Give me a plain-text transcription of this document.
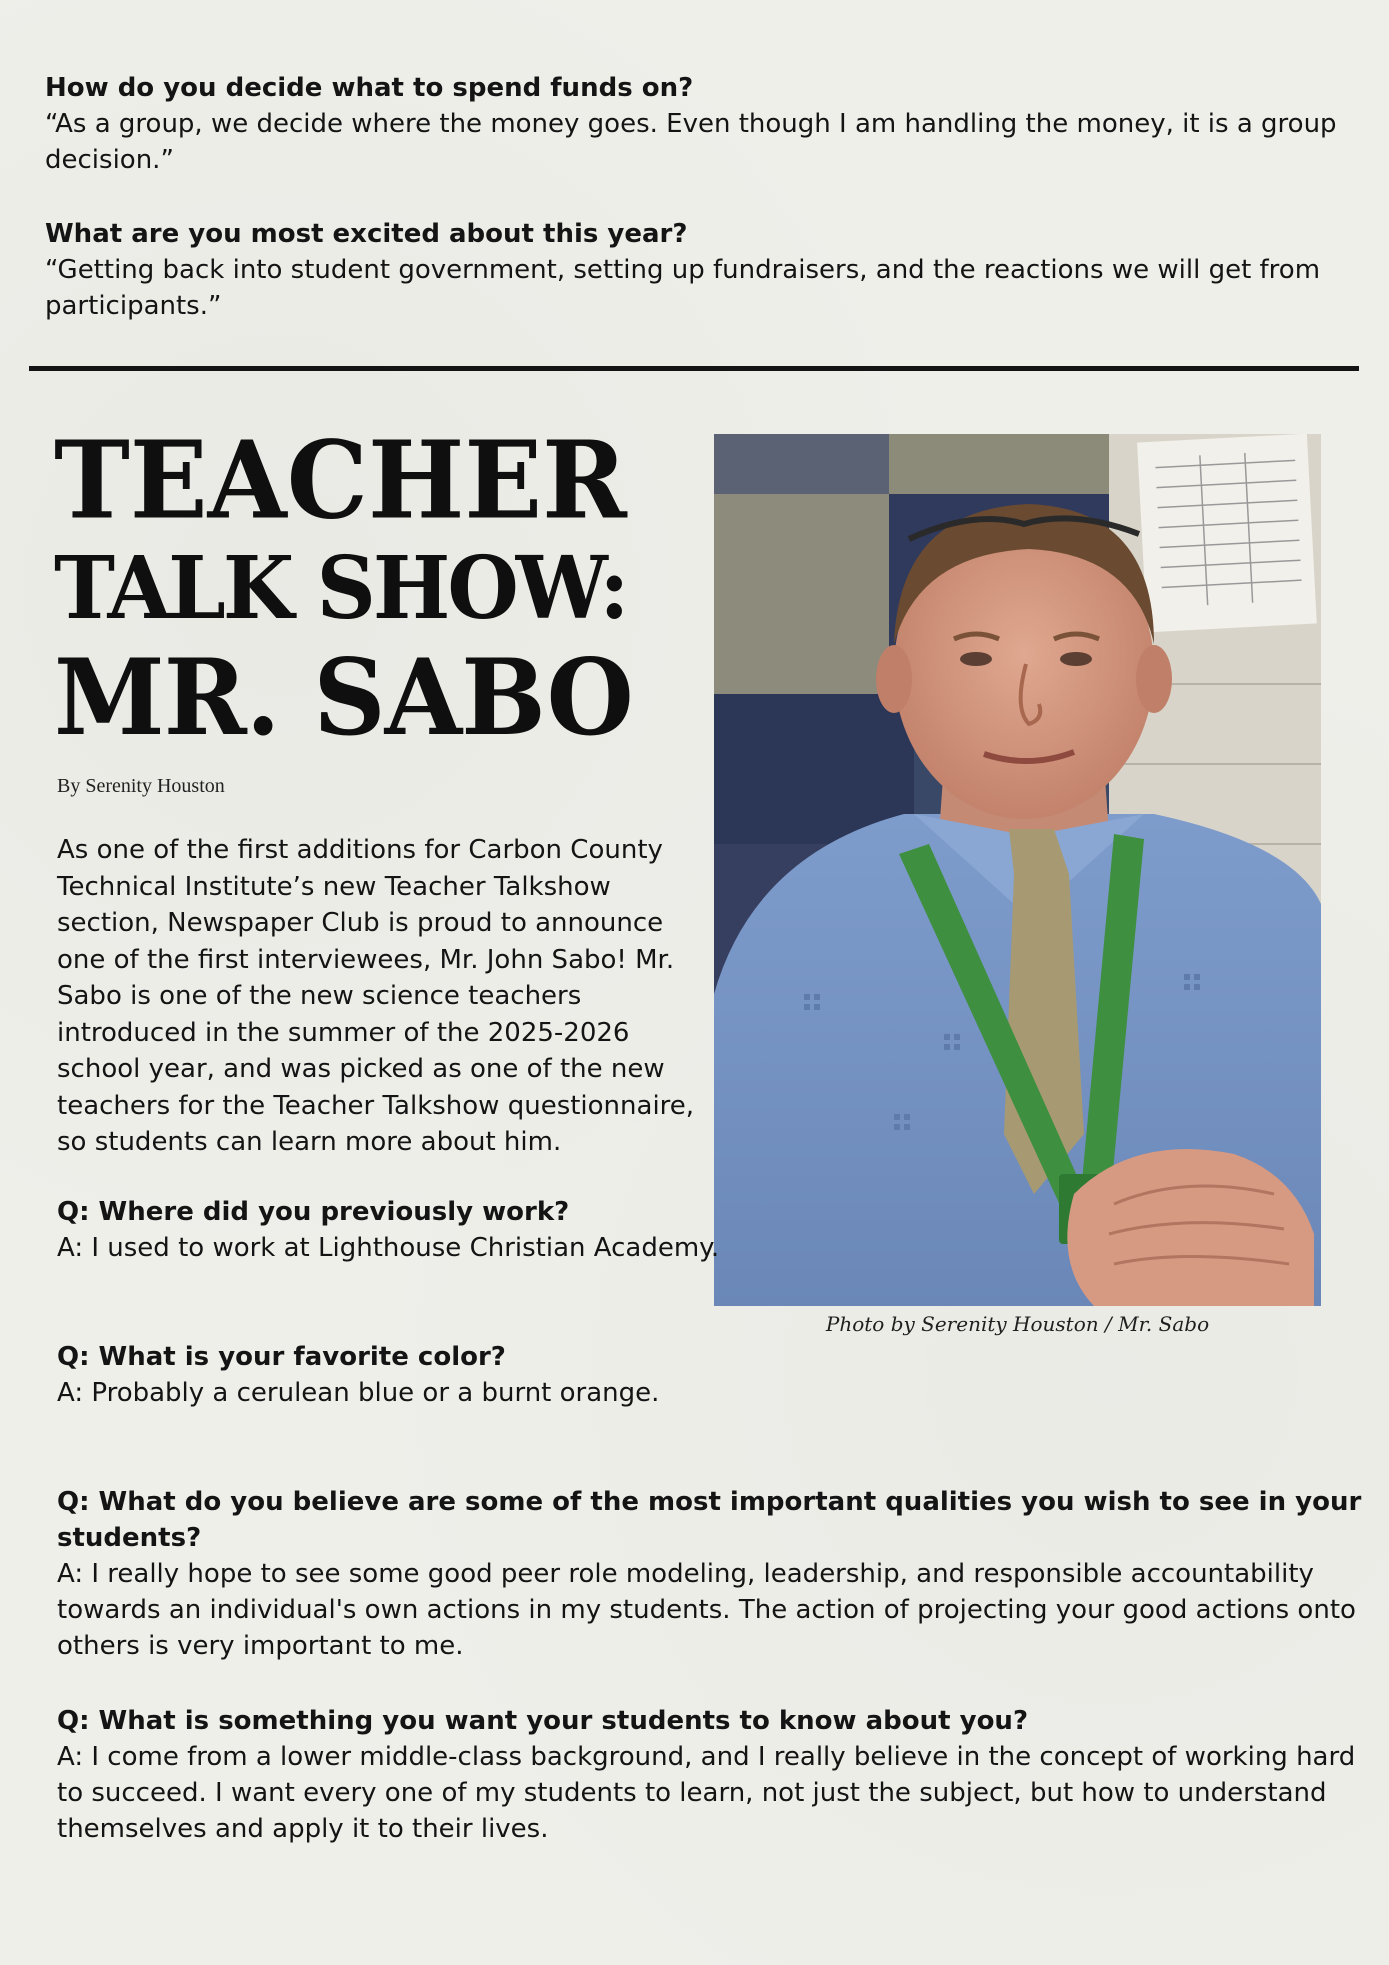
How do you decide what to spend funds on?

“As a group, we decide where the money goes. Even though I am handling the money, it is a group decision.”

What are you most excited about this year?

“Getting back into student government, setting up fundraisers, and the reactions we will get from participants.”

TEACHER
TALK SHOW:
MR. SABO
By Serenity Houston

As one of the first additions for Carbon County Technical Institute’s new Teacher Talkshow section, Newspaper Club is proud to announce one of the first interviewees, Mr. John Sabo! Mr. Sabo is one of the new science teachers introduced in the summer of the 2025-2026 school year, and was picked as one of the new teachers for the Teacher Talkshow questionnaire, so students can learn more about him.

Photo by Serenity Houston / Mr. Sabo

Q: Where did you previously work?

A: I used to work at Lighthouse Christian Academy.

Q: What is your favorite color?

A: Probably a cerulean blue or a burnt orange.

Q: What do you believe are some of the most important qualities you wish to see in your students?

A: I really hope to see some good peer role modeling, leadership, and responsible accountability towards an individual's own actions in my students. The action of projecting your good actions onto others is very important to me.

Q: What is something you want your students to know about you?

A: I come from a lower middle-class background, and I really believe in the concept of working hard to succeed. I want every one of my students to learn, not just the subject, but how to understand themselves and apply it to their lives.
